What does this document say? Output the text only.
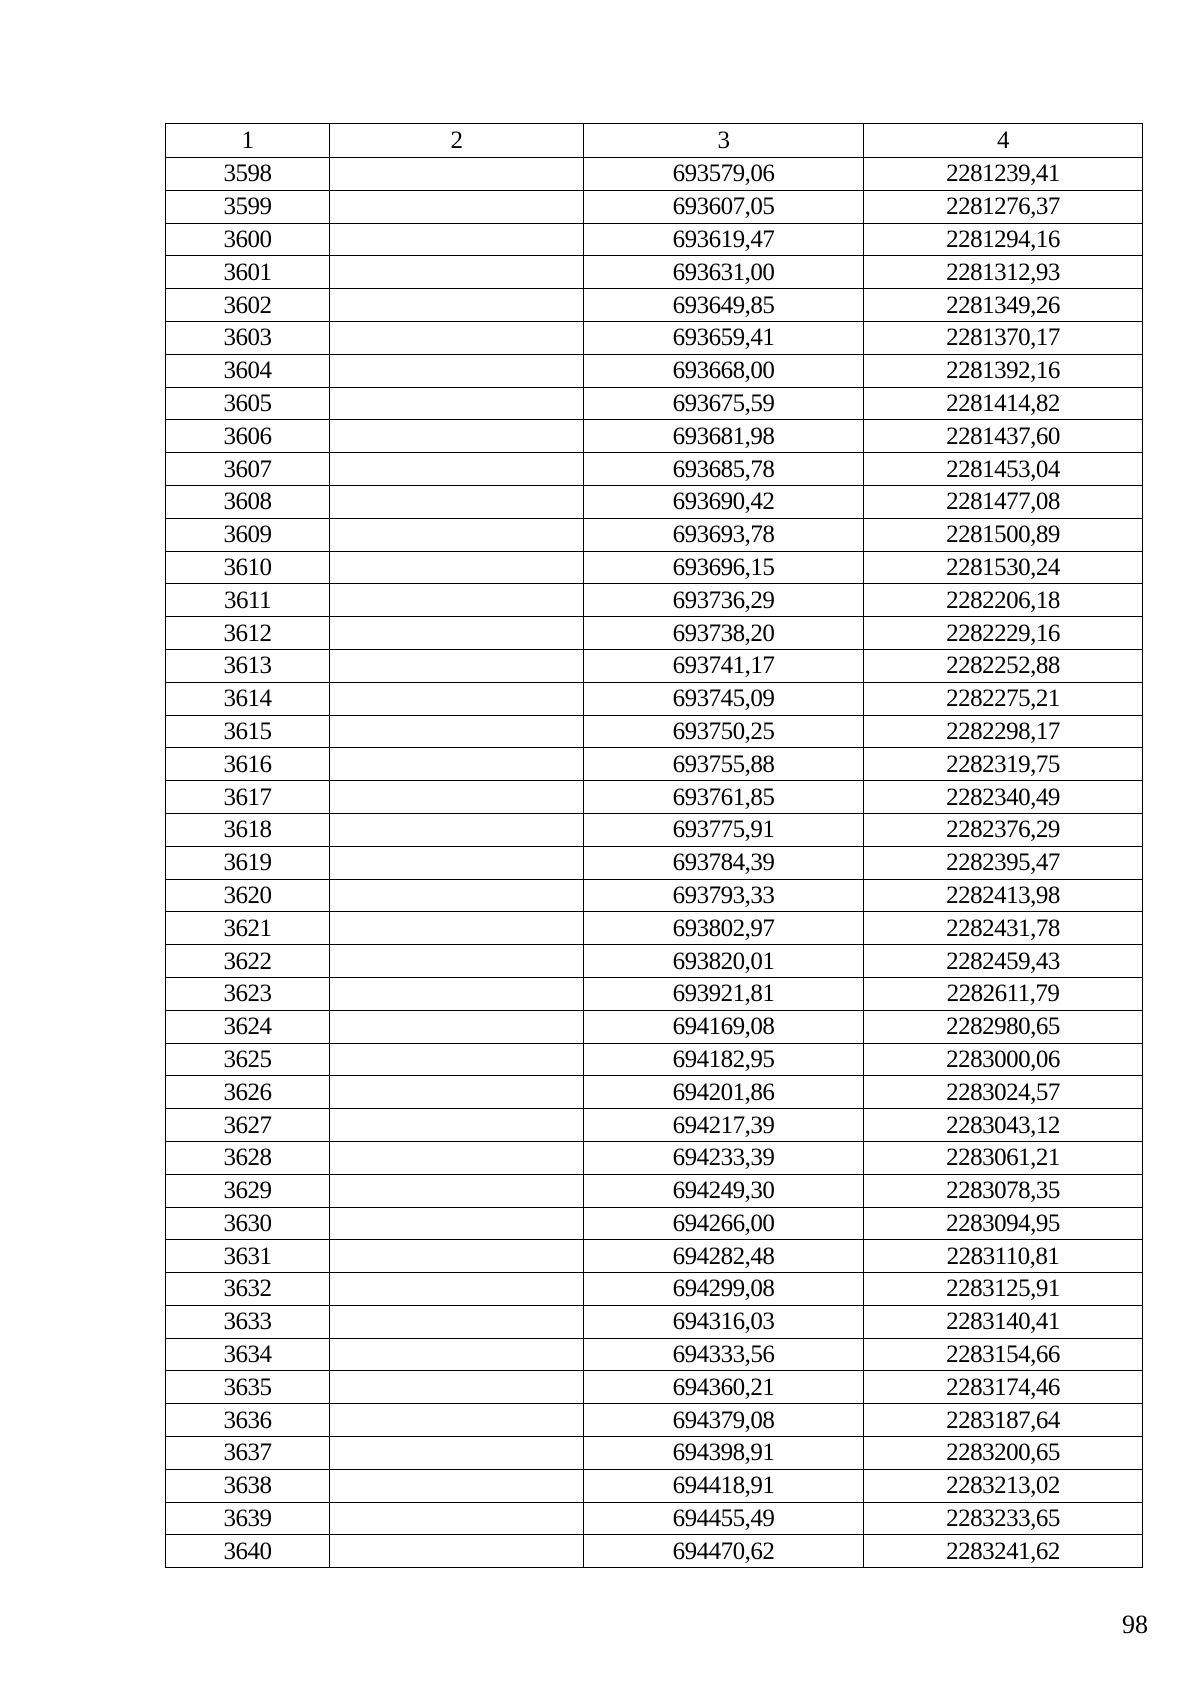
1	2	3	4
3598		693579,06	2281239,41
3599		693607,05	2281276,37
3600		693619,47	2281294,16
3601		693631,00	2281312,93
3602		693649,85	2281349,26
3603		693659,41	2281370,17
3604		693668,00	2281392,16
3605		693675,59	2281414,82
3606		693681,98	2281437,60
3607		693685,78	2281453,04
3608		693690,42	2281477,08
3609		693693,78	2281500,89
3610		693696,15	2281530,24
3611		693736,29	2282206,18
3612		693738,20	2282229,16
3613		693741,17	2282252,88
3614		693745,09	2282275,21
3615		693750,25	2282298,17
3616		693755,88	2282319,75
3617		693761,85	2282340,49
3618		693775,91	2282376,29
3619		693784,39	2282395,47
3620		693793,33	2282413,98
3621		693802,97	2282431,78
3622		693820,01	2282459,43
3623		693921,81	2282611,79
3624		694169,08	2282980,65
3625		694182,95	2283000,06
3626		694201,86	2283024,57
3627		694217,39	2283043,12
3628		694233,39	2283061,21
3629		694249,30	2283078,35
3630		694266,00	2283094,95
3631		694282,48	2283110,81
3632		694299,08	2283125,91
3633		694316,03	2283140,41
3634		694333,56	2283154,66
3635		694360,21	2283174,46
3636		694379,08	2283187,64
3637		694398,91	2283200,65
3638		694418,91	2283213,02
3639		694455,49	2283233,65
3640		694470,62	2283241,62
98
